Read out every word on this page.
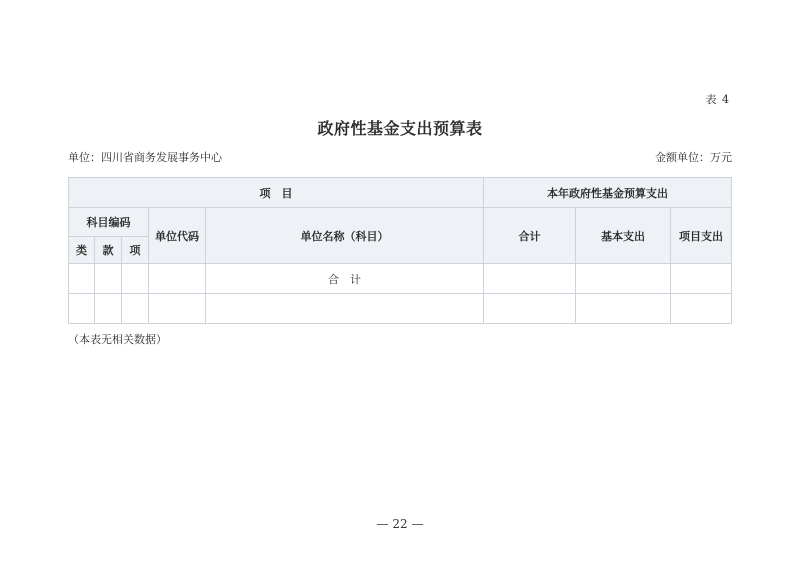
表 4
政府性基金支出预算表
单位：四川省商务发展事务中心	金额单位：万元
项　目					本年政府性基金预算支出		
科目编码			单位代码	单位名称（科目）	合计	基本支出	项目支出
类	款	项					
				合　计			

（本表无相关数据）
— 22 —
